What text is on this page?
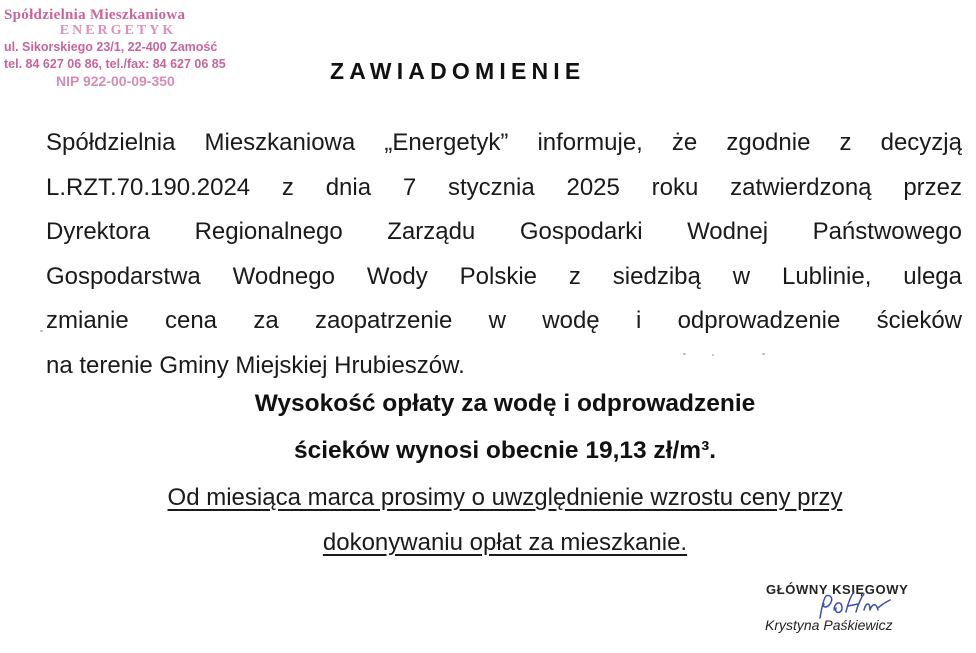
Spółdzielnia Mieszkaniowa
ENERGETYK
ul. Sikorskiego 23/1, 22-400 Zamość
tel. 84 627 06 86, tel./fax: 84 627 06 85
NIP 922-00-09-350	ZAWIADOMIENIE
Spółdzielnia Mieszkaniowa „Energetyk” informuje, że zgodnie z decyzją
L.RZT.70.190.2024 z dnia 7 stycznia 2025 roku zatwierdzoną przez
Dyrektora Regionalnego Zarządu Gospodarki Wodnej Państwowego
Gospodarstwa Wodnego Wody Polskie z siedzibą w Lublinie, ulega
zmianie cena za zaopatrzenie w wodę i odprowadzenie ścieków
na terenie Gminy Miejskiej Hrubieszów.
Wysokość opłaty za wodę i odprowadzenie
ścieków wynosi obecnie 19,13 zł/m³.
Od miesiąca marca prosimy o uwzględnienie wzrostu ceny przy
dokonywaniu opłat za mieszkanie.
GŁÓWNY KSIĘGOWY
Krystyna Paśkiewicz
